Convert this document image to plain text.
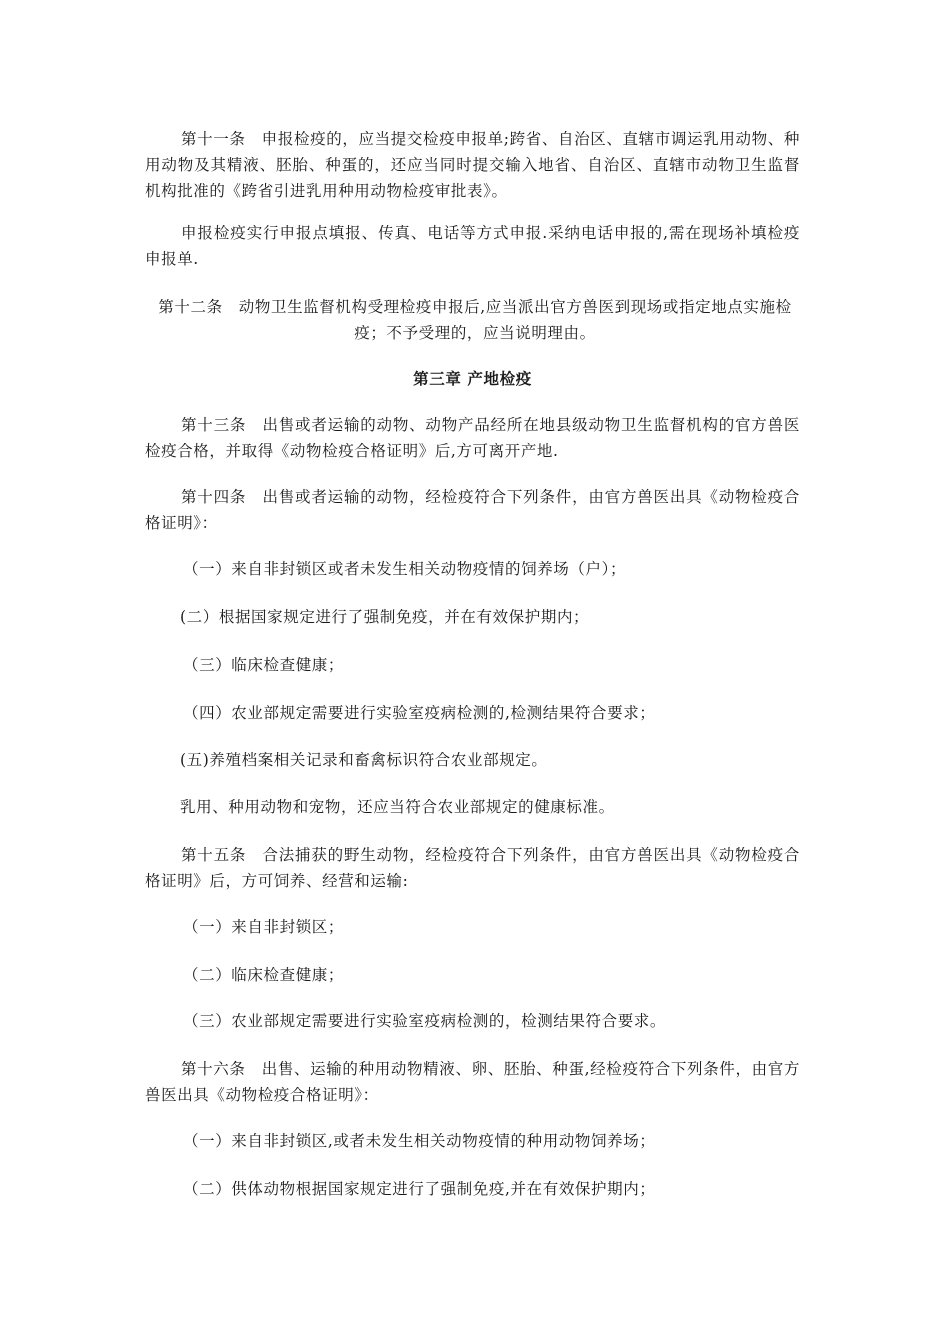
第十一条　申报检疫的，应当提交检疫申报单;跨省、自治区、直辖市调运乳用动物、种用动物及其精液、胚胎、种蛋的，还应当同时提交输入地省、自治区、直辖市动物卫生监督机构批准的《跨省引进乳用种用动物检疫审批表》。

申报检疫实行申报点填报、传真、电话等方式申报.采纳电话申报的,需在现场补填检疫申报单.

第十二条　动物卫生监督机构受理检疫申报后,应当派出官方兽医到现场或指定地点实施检疫；不予受理的，应当说明理由。

第三章 产地检疫

第十三条　出售或者运输的动物、动物产品经所在地县级动物卫生监督机构的官方兽医检疫合格，并取得《动物检疫合格证明》后,方可离开产地.

第十四条　出售或者运输的动物，经检疫符合下列条件，由官方兽医出具《动物检疫合格证明》：

（一）来自非封锁区或者未发生相关动物疫情的饲养场（户）；

(二）根据国家规定进行了强制免疫，并在有效保护期内；

（三）临床检查健康；

（四）农业部规定需要进行实验室疫病检测的,检测结果符合要求；

(五)养殖档案相关记录和畜禽标识符合农业部规定。

乳用、种用动物和宠物，还应当符合农业部规定的健康标准。

第十五条　合法捕获的野生动物，经检疫符合下列条件，由官方兽医出具《动物检疫合格证明》后，方可饲养、经营和运输:

（一）来自非封锁区；

（二）临床检查健康；

（三）农业部规定需要进行实验室疫病检测的，检测结果符合要求。

第十六条　出售、运输的种用动物精液、卵、胚胎、种蛋,经检疫符合下列条件，由官方兽医出具《动物检疫合格证明》：

（一）来自非封锁区,或者未发生相关动物疫情的种用动物饲养场；

（二）供体动物根据国家规定进行了强制免疫,并在有效保护期内；
